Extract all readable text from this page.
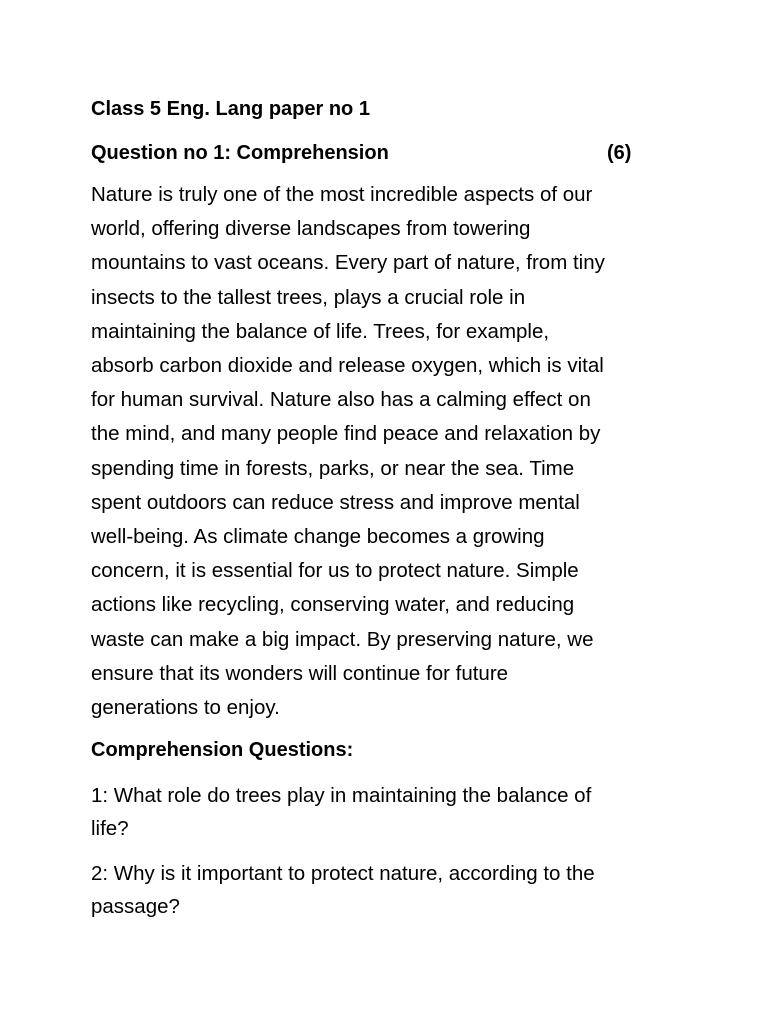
Class 5 Eng. Lang paper no 1
Question no 1: Comprehension	(6)
Nature is truly one of the most incredible aspects of our
world, offering diverse landscapes from towering
mountains to vast oceans. Every part of nature, from tiny
insects to the tallest trees, plays a crucial role in
maintaining the balance of life. Trees, for example,
absorb carbon dioxide and release oxygen, which is vital
for human survival. Nature also has a calming effect on
the mind, and many people find peace and relaxation by
spending time in forests, parks, or near the sea. Time
spent outdoors can reduce stress and improve mental
well-being. As climate change becomes a growing
concern, it is essential for us to protect nature. Simple
actions like recycling, conserving water, and reducing
waste can make a big impact. By preserving nature, we
ensure that its wonders will continue for future
generations to enjoy.
Comprehension Questions:
1: What role do trees play in maintaining the balance of
life?
2: Why is it important to protect nature, according to the
passage?
